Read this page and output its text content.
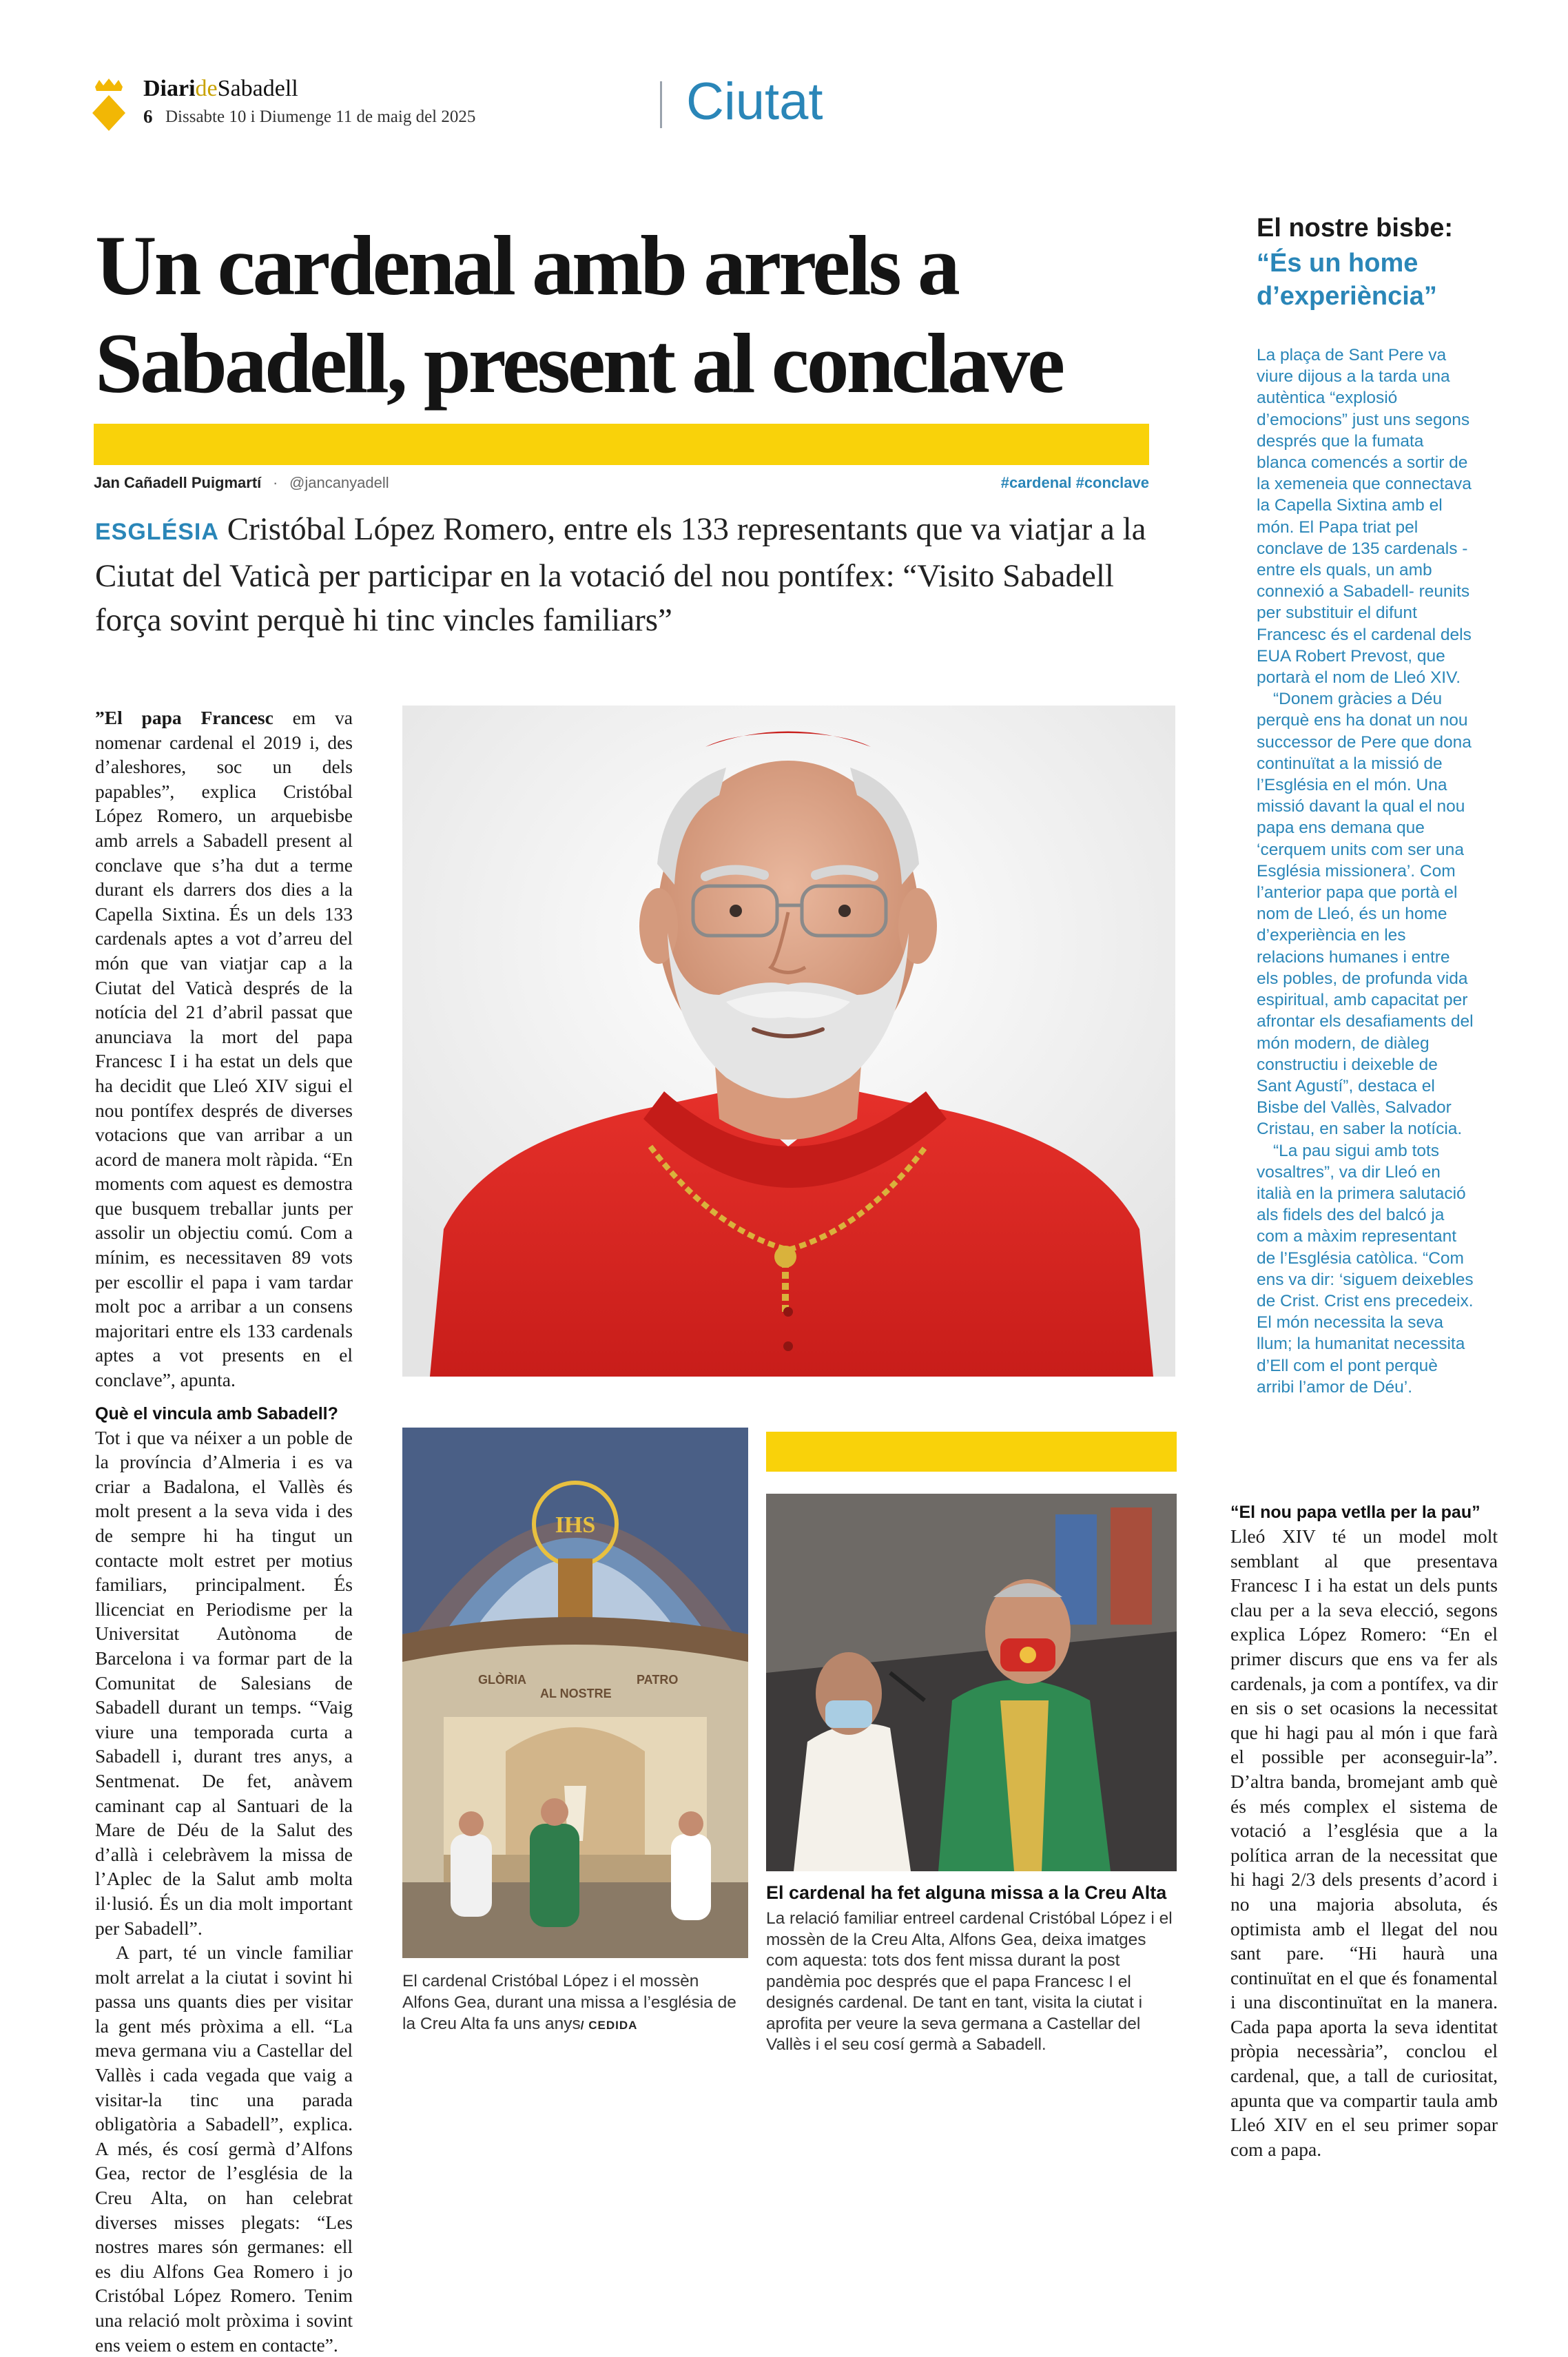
DiarideSabadell
6 Dissabte 10 i Diumenge 11 de maig del 2025	Ciutat
Un cardenal amb arrels a Sabadell, present al conclave
Jan Cañadell Puigmartí · @jancanyadell	#cardenal #conclave

ESGLÉSIA Cristóbal López Romero, entre els 133 representants que va viatjar a la Ciutat del Vaticà per participar en la votació del nou pontífex: “Visito Sabadell força sovint perquè hi tinc vincles familiars”

”El papa Francesc em va nomenar cardenal el 2019 i, des d’aleshores, soc un dels papables”, explica Cristóbal López Romero, un arquebisbe amb arrels a Sabadell present al conclave que s’ha dut a terme durant els darrers dos dies a la Capella Sixtina. És un dels 133 cardenals aptes a vot d’arreu del món que van viatjar cap a la Ciutat del Vaticà després de la notícia del 21 d’abril passat que anunciava la mort del papa Francesc I i ha estat un dels que ha decidit que Lleó XIV sigui el nou pontífex després de diverses votacions que van arribar a un acord de manera molt ràpida. “En moments com aquest es demostra que busquem treballar junts per assolir un objectiu comú. Com a mínim, es necessitaven 89 vots per escollir el papa i vam tardar molt poc a arribar a un consens majoritari entre els 133 cardenals aptes a vot presents en el conclave”, apunta.

Què el vincula amb Sabadell?

Tot i que va néixer a un poble de la província d’Almeria i es va criar a Badalona, el Vallès és molt present a la seva vida i des de sempre hi ha tingut un contacte molt estret per motius familiars, principalment. És llicenciat en Periodisme per la Universitat Autònoma de Barcelona i va formar part de la Comunitat de Salesians de Sabadell durant un temps. “Vaig viure una temporada curta a Sabadell i, durant tres anys, a Sentmenat. De fet, anàvem caminant cap al Santuari de la Mare de Déu de la Salut des d’allà i celebràvem la missa de l’Aplec de la Salut amb molta il·lusió. És un dia molt important per Sabadell”.

A part, té un vincle familiar molt arrelat a la ciutat i sovint hi passa uns quants dies per visitar la gent més pròxima a ell. “La meva germana viu a Castellar del Vallès i cada vegada que vaig a visitar-la tinc una parada obligatòria a Sabadell”, explica. A més, és cosí germà d’Alfons Gea, rector de l’església de la Creu Alta, on han celebrat diverses misses plegats: “Les nostres mares són germanes: ell es diu Alfons Gea Romero i jo Cristóbal López Romero. Tenim una relació molt pròxima i sovint ens veiem o estem en contacte”.

IHS
GLÒRIA
AL NOSTRE
PATRO
El cardenal Cristóbal López i el mossèn Alfons Gea, durant una missa a l’església de la Creu Alta fa uns anys/ CEDIDA
El cardenal ha fet alguna missa a la Creu Alta
La relació familiar entreel cardenal Cristóbal López i el mossèn de la Creu Alta, Alfons Gea, deixa imatges com aquesta: tots dos fent missa durant la post pandèmia poc després que el papa Francesc I el designés cardenal. De tant en tant, visita la ciutat i aprofita per veure la seva germana a Castellar del Vallès i el seu cosí germà a Sabadell.
El nostre bisbe:
“És un home d’experiència”

La plaça de Sant Pere va viure dijous a la tarda una autèntica “explosió d’emocions” just uns segons després que la fumata blanca comencés a sortir de la xemeneia que connectava la Capella Sixtina amb el món. El Papa triat pel conclave de 135 cardenals -entre els quals, un amb connexió a Sabadell- reunits per substituir el difunt Francesc és el cardenal dels EUA Robert Prevost, que portarà el nom de Lleó XIV.

“Donem gràcies a Déu perquè ens ha donat un nou successor de Pere que dona continuïtat a la missió de l’Església en el món. Una missió davant la qual el nou papa ens demana que ‘cerquem units com ser una Església missionera’. Com l’anterior papa que portà el nom de Lleó, és un home d’experiència en les relacions humanes i entre els pobles, de profunda vida espiritual, amb capacitat per afrontar els desafiaments del món modern, de diàleg constructiu i deixeble de Sant Agustí”, destaca el Bisbe del Vallès, Salvador Cristau, en saber la notícia.

“La pau sigui amb tots vosaltres”, va dir Lleó en italià en la primera salutació als fidels des del balcó ja com a màxim representant de l’Església catòlica. “Com ens va dir: ‘siguem deixebles de Crist. Crist ens precedeix. El món necessita la seva llum; la humanitat necessita d’Ell com el pont perquè arribi l’amor de Déu’.

“El nou papa vetlla per la pau”

Lleó XIV té un model molt semblant al que presentava Francesc I i ha estat un dels punts clau per a la seva elecció, segons explica López Romero: “En el primer discurs que ens va fer als cardenals, ja com a pontífex, va dir en sis o set ocasions la necessitat que hi hagi pau al món i que farà el possible per aconseguir-la”. D’altra banda, bromejant amb què és més complex el sistema de votació a l’església que a la política arran de la necessitat que hi hagi 2/3 dels presents d’acord i no una majoria absoluta, és optimista amb el llegat del nou sant pare. “Hi haurà una continuïtat en el que és fonamental i una discontinuïtat en la manera. Cada papa aporta la seva identitat pròpia necessària”, conclou el cardenal, que, a tall de curiositat, apunta que va compartir taula amb Lleó XIV en el seu primer sopar com a papa.
